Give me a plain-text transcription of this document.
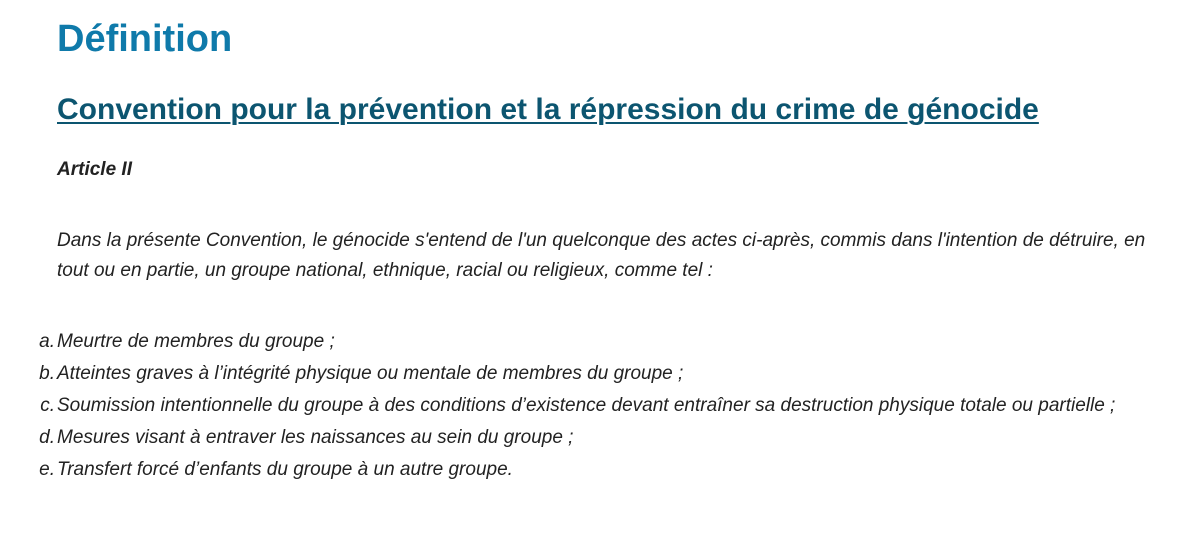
Définition
Convention pour la prévention et la répression du crime de génocide

Article II

Dans la présente Convention, le génocide s'entend de l'un quelconque des actes ci-après, commis dans l'intention de détruire, en tout ou en partie, un groupe national, ethnique, racial ou religieux, comme tel :

a. Meurtre de membres du groupe ;
b. Atteintes graves à l’intégrité physique ou mentale de membres du groupe ;
c. Soumission intentionnelle du groupe à des conditions d’existence devant entraîner sa destruction physique totale ou partielle ;
d. Mesures visant à entraver les naissances au sein du groupe ;
e. Transfert forcé d’enfants du groupe à un autre groupe.
